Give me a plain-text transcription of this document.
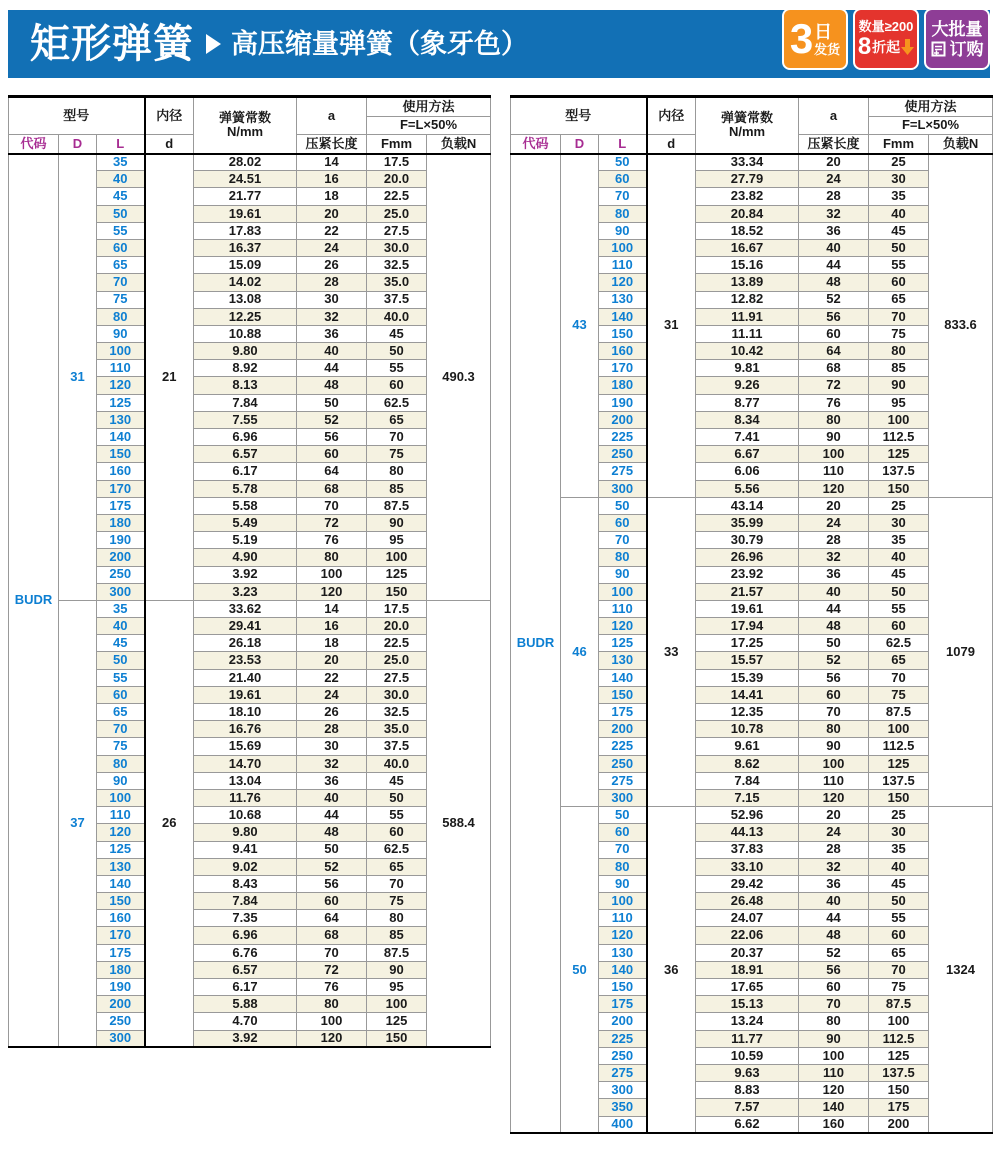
矩形弹簧 高压缩量弹簧（象牙色）	3 日
发货
数量≥200
8 折起
大批量
订购
型号			内径	弹簧常数
N/mm	a	使用方法	
						F=L×50%	
代码	D	L	d		压紧长度	Fmm	负载N
BUDR	31	35	21	28.02	14	17.5	490.3
		40		24.51	16	20.0	
		45		21.77	18	22.5	
		50		19.61	20	25.0	
		55		17.83	22	27.5	
		60		16.37	24	30.0	
		65		15.09	26	32.5	
		70		14.02	28	35.0	
		75		13.08	30	37.5	
		80		12.25	32	40.0	
		90		10.88	36	45	
		100		9.80	40	50	
		110		8.92	44	55	
		120		8.13	48	60	
		125		7.84	50	62.5	
		130		7.55	52	65	
		140		6.96	56	70	
		150		6.57	60	75	
		160		6.17	64	80	
		170		5.78	68	85	
		175		5.58	70	87.5	
		180		5.49	72	90	
		190		5.19	76	95	
		200		4.90	80	100	
		250		3.92	100	125	
		300		3.23	120	150	
	37	35	26	33.62	14	17.5	588.4
		40		29.41	16	20.0	
		45		26.18	18	22.5	
		50		23.53	20	25.0	
		55		21.40	22	27.5	
		60		19.61	24	30.0	
		65		18.10	26	32.5	
		70		16.76	28	35.0	
		75		15.69	30	37.5	
		80		14.70	32	40.0	
		90		13.04	36	45	
		100		11.76	40	50	
		110		10.68	44	55	
		120		9.80	48	60	
		125		9.41	50	62.5	
		130		9.02	52	65	
		140		8.43	56	70	
		150		7.84	60	75	
		160		7.35	64	80	
		170		6.96	68	85	
		175		6.76	70	87.5	
		180		6.57	72	90	
		190		6.17	76	95	
		200		5.88	80	100	
		250		4.70	100	125	
		300		3.92	120	150	
型号			内径	弹簧常数
N/mm	a	使用方法	
						F=L×50%	
代码	D	L	d		压紧长度	Fmm	负载N
BUDR	43	50	31	33.34	20	25	833.6
		60		27.79	24	30	
		70		23.82	28	35	
		80		20.84	32	40	
		90		18.52	36	45	
		100		16.67	40	50	
		110		15.16	44	55	
		120		13.89	48	60	
		130		12.82	52	65	
		140		11.91	56	70	
		150		11.11	60	75	
		160		10.42	64	80	
		170		9.81	68	85	
		180		9.26	72	90	
		190		8.77	76	95	
		200		8.34	80	100	
		225		7.41	90	112.5	
		250		6.67	100	125	
		275		6.06	110	137.5	
		300		5.56	120	150	
	46	50	33	43.14	20	25	1079
		60		35.99	24	30	
		70		30.79	28	35	
		80		26.96	32	40	
		90		23.92	36	45	
		100		21.57	40	50	
		110		19.61	44	55	
		120		17.94	48	60	
		125		17.25	50	62.5	
		130		15.57	52	65	
		140		15.39	56	70	
		150		14.41	60	75	
		175		12.35	70	87.5	
		200		10.78	80	100	
		225		9.61	90	112.5	
		250		8.62	100	125	
		275		7.84	110	137.5	
		300		7.15	120	150	
	50	50	36	52.96	20	25	1324
		60		44.13	24	30	
		70		37.83	28	35	
		80		33.10	32	40	
		90		29.42	36	45	
		100		26.48	40	50	
		110		24.07	44	55	
		120		22.06	48	60	
		130		20.37	52	65	
		140		18.91	56	70	
		150		17.65	60	75	
		175		15.13	70	87.5	
		200		13.24	80	100	
		225		11.77	90	112.5	
		250		10.59	100	125	
		275		9.63	110	137.5	
		300		8.83	120	150	
		350		7.57	140	175	
		400		6.62	160	200	
